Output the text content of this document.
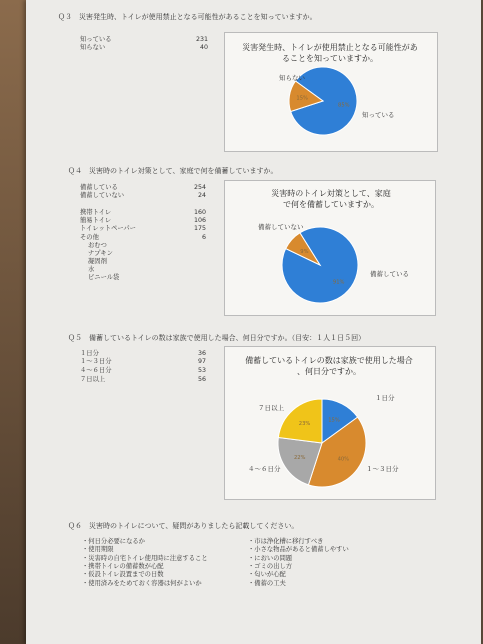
Ｑ３　災害発生時、トイレが使用禁止となる可能性があることを知っていますか。
知っている	231
知らない	40	災害発生時、トイレが使用禁止となる可能性があ
ることを知っていますか。
85%
15%
知らない
知っている
Ｑ４　災害時のトイレ対策として、家庭で何を備蓄していますか。
災害時のトイレ対策として、家庭
で何を備蓄していますか。
91%
9%
備蓄していない
備蓄している
Ｑ５　備蓄しているトイレの数は家族で使用した場合、何日分ですか。（目安：１人１日５回）
備蓄しているトイレの数は家族で使用した場合
、何日分ですか。
15%
40%
22%
23%
１日分
１～３日分
４～６日分
７日以上
Ｑ６　災害時のトイレについて、疑問がありましたら記載してください。
備蓄している	254
備蓄していない	24
携帯トイレ	160
簡易トイレ	106
トイレットペーパー	175
その他	6
おむつ
ナプキン
凝固剤
水
ビニール袋
１日分	36
１～３日分	97
４～６日分	53
７日以上	56
・何日分必要になるか
・使用期限
・災害時の自宅トイレ使用時に注意すること
・携帯トイレの備蓄数が心配
・仮設トイレ設置までの日数
・使用済みをためておく容器は何がよいか
・市は浄化槽に移行すべき
・小さな物品があると備蓄しやすい
・においの問題
・ゴミの出し方
・匂いが心配
・備蓄の工夫
